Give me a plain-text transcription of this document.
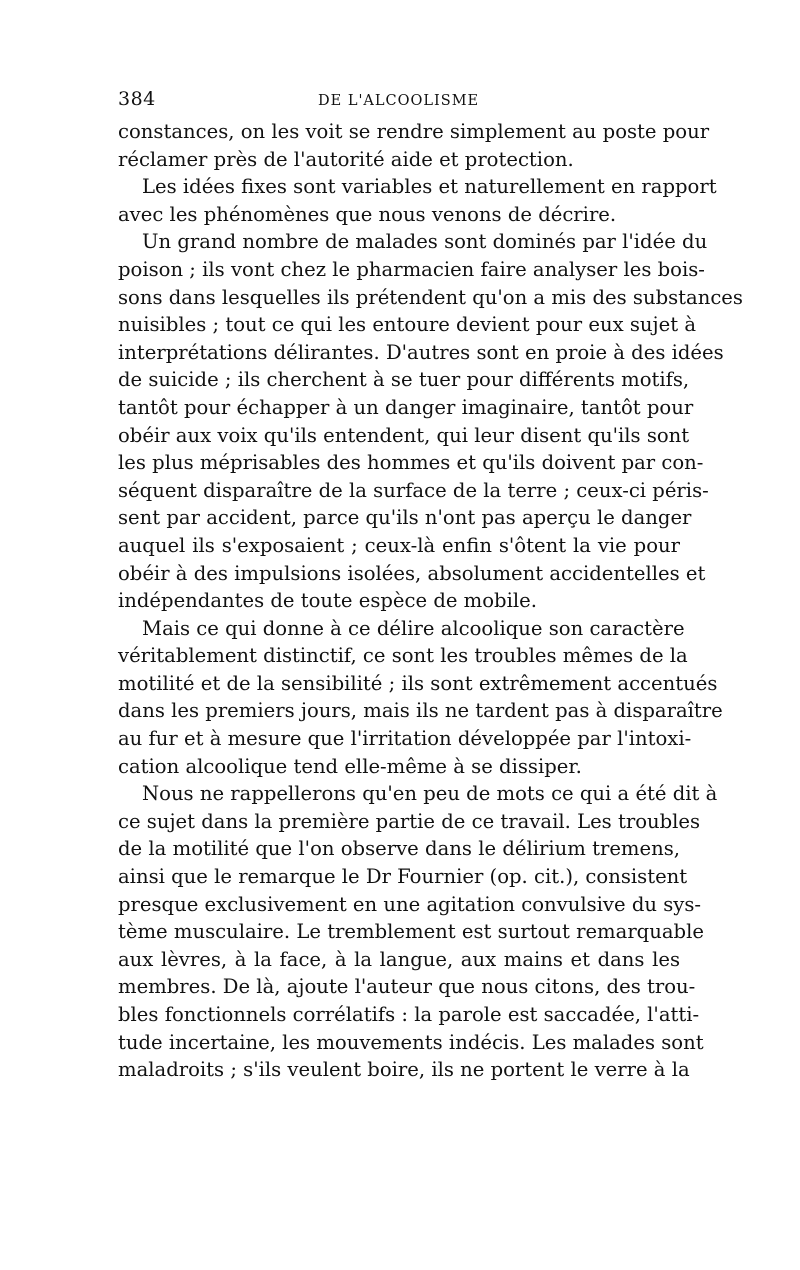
384	DE L'ALCOOLISME

constances, on les voit se rendre simplement au poste pour
réclamer près de l'autorité aide et protection.

Les idées fixes sont variables et naturellement en rapport
avec les phénomènes que nous venons de décrire.

Un grand nombre de malades sont dominés par l'idée du
poison ; ils vont chez le pharmacien faire analyser les bois-
sons dans lesquelles ils prétendent qu'on a mis des substances
nuisibles ; tout ce qui les entoure devient pour eux sujet à
interprétations délirantes. D'autres sont en proie à des idées
de suicide ; ils cherchent à se tuer pour différents motifs,
tantôt pour échapper à un danger imaginaire, tantôt pour
obéir aux voix qu'ils entendent, qui leur disent qu'ils sont
les plus méprisables des hommes et qu'ils doivent par con-
séquent disparaître de la surface de la terre ; ceux-ci péris-
sent par accident, parce qu'ils n'ont pas aperçu le danger
auquel ils s'exposaient ; ceux-là enfin s'ôtent la vie pour
obéir à des impulsions isolées, absolument accidentelles et
indépendantes de toute espèce de mobile.

Mais ce qui donne à ce délire alcoolique son caractère
véritablement distinctif, ce sont les troubles mêmes de la
motilité et de la sensibilité ; ils sont extrêmement accentués
dans les premiers jours, mais ils ne tardent pas à disparaître
au fur et à mesure que l'irritation développée par l'intoxi-
cation alcoolique tend elle-même à se dissiper.

Nous ne rappellerons qu'en peu de mots ce qui a été dit à
ce sujet dans la première partie de ce travail. Les troubles
de la motilité que l'on observe dans le délirium tremens,
ainsi que le remarque le Dr Fournier (op. cit.), consistent
presque exclusivement en une agitation convulsive du sys-
tème musculaire. Le tremblement est surtout remarquable
aux lèvres, à la face, à la langue, aux mains et dans les
membres. De là, ajoute l'auteur que nous citons, des trou-
bles fonctionnels corrélatifs : la parole est saccadée, l'atti-
tude incertaine, les mouvements indécis. Les malades sont
maladroits ; s'ils veulent boire, ils ne portent le verre à la
